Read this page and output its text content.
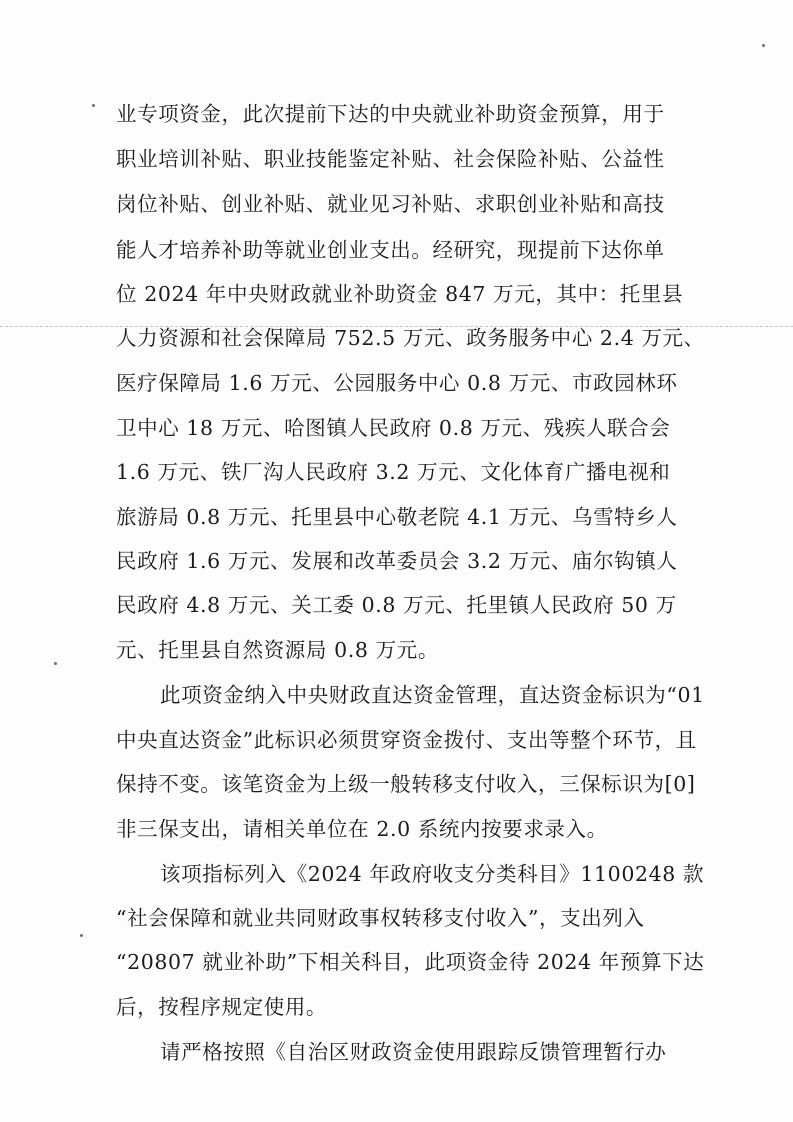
业专项资金，此次提前下达的中央就业补助资金预算，用于
职业培训补贴、职业技能鉴定补贴、社会保险补贴、公益性
岗位补贴、创业补贴、就业见习补贴、求职创业补贴和高技
能人才培养补助等就业创业支出。经研究，现提前下达你单
位 2024 年中央财政就业补助资金 847 万元，其中：托里县
人力资源和社会保障局 752.5 万元、政务服务中心 2.4 万元、
医疗保障局 1.6 万元、公园服务中心 0.8 万元、市政园林环
卫中心 18 万元、哈图镇人民政府 0.8 万元、残疾人联合会
1.6 万元、铁厂沟人民政府 3.2 万元、文化体育广播电视和
旅游局 0.8 万元、托里县中心敬老院 4.1 万元、乌雪特乡人
民政府 1.6 万元、发展和改革委员会 3.2 万元、庙尔钩镇人
民政府 4.8 万元、关工委 0.8 万元、托里镇人民政府 50 万
元、托里县自然资源局 0.8 万元。
此项资金纳入中央财政直达资金管理，直达资金标识为“01
中央直达资金”此标识必须贯穿资金拨付、支出等整个环节，且
保持不变。该笔资金为上级一般转移支付收入，三保标识为[0]
非三保支出，请相关单位在 2.0 系统内按要求录入。
该项指标列入《2024 年政府收支分类科目》1100248 款
“社会保障和就业共同财政事权转移支付收入”，支出列入
“20807 就业补助”下相关科目，此项资金待 2024 年预算下达
后，按程序规定使用。
请严格按照《自治区财政资金使用跟踪反馈管理暂行办
